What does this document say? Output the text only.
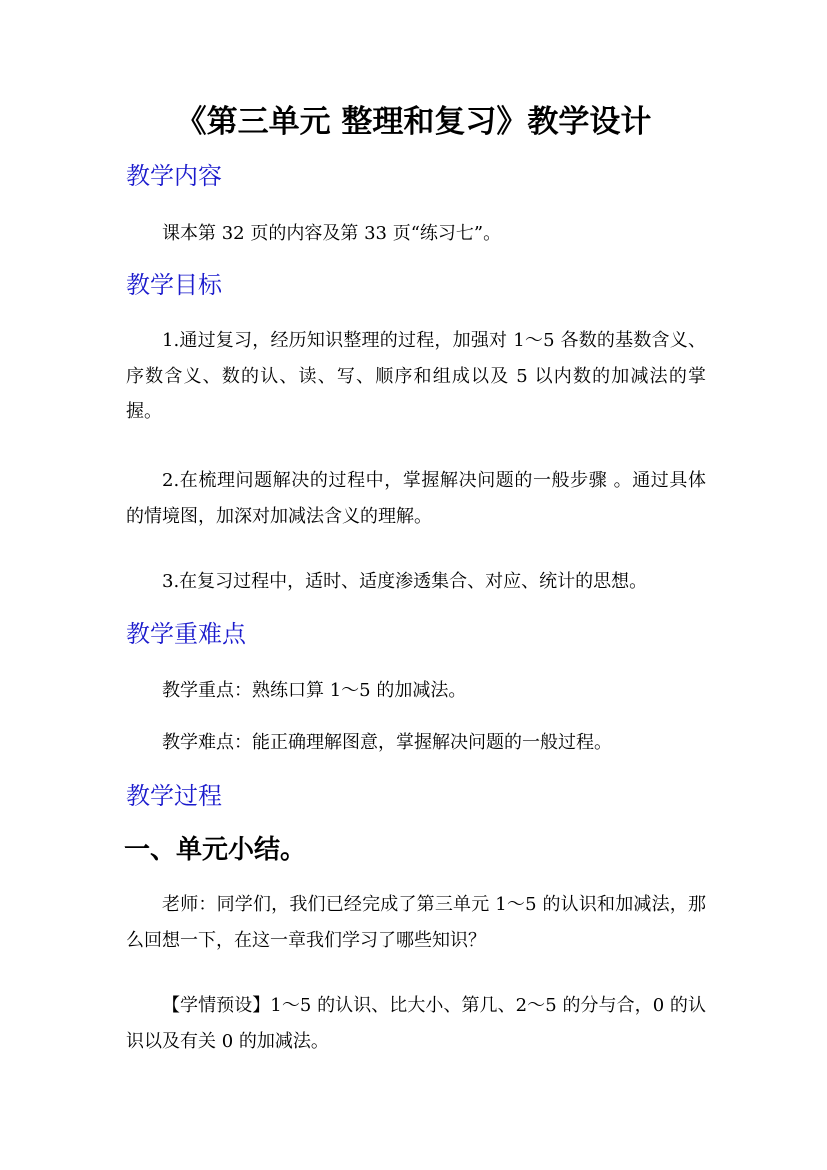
《第三单元 整理和复习》教学设计
教学内容
课本第 32 页的内容及第 33 页“练习七”。
教学目标
1.通过复习，经历知识整理的过程，加强对 1～5 各数的基数含义、序数含义、数的认、读、写、顺序和组成以及 5 以内数的加减法的掌握。
2.在梳理问题解决的过程中，掌握解决问题的一般步骤 。通过具体的情境图，加深对加减法含义的理解。
3.在复习过程中，适时、适度渗透集合、对应、统计的思想。
教学重难点
教学重点：熟练口算 1～5 的加减法。
教学难点：能正确理解图意，掌握解决问题的一般过程。
教学过程
一、单元小结。
老师：同学们，我们已经完成了第三单元 1～5 的认识和加减法，那么回想一下，在这一章我们学习了哪些知识？
【学情预设】1～5 的认识、比大小、第几、2～5 的分与合，0 的认识以及有关 0 的加减法。
